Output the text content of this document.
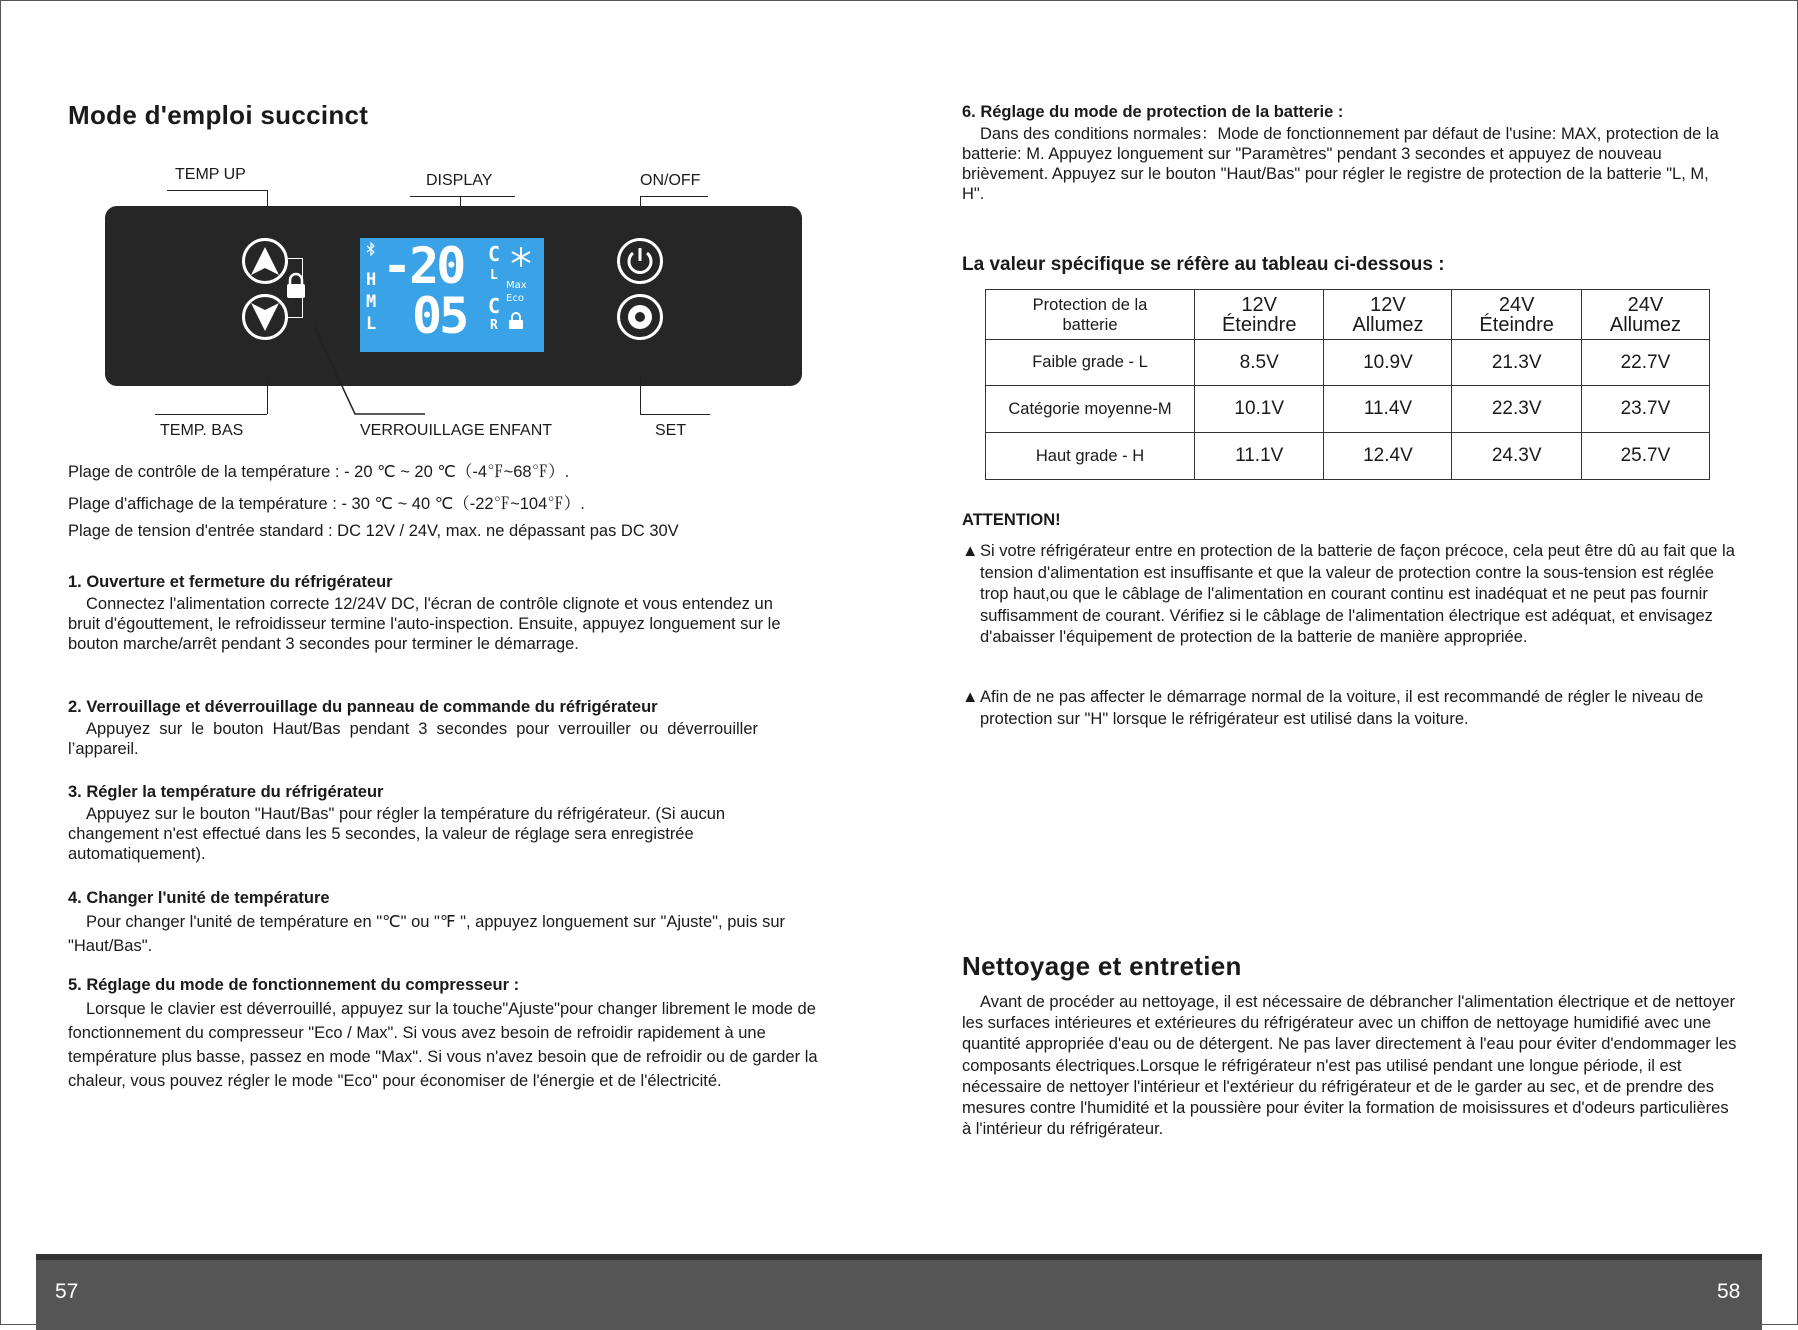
Mode d'emploi succinct
TEMP UP	DISPLAY	ON/OFF
H
M
L
-20
05
C
C
L
R
Max
Eco
TEMP. BAS	VERROUILLAGE ENFANT	SET
Plage de contrôle de la température : - 20 ℃ ~ 20 ℃（-4℉~68℉）.
Plage d'affichage de la température : - 30 ℃ ~ 40 ℃（-22℉~104℉）.
Plage de tension d'entrée standard : DC 12V / 24V, max. ne dépassant pas DC 30V
1. Ouverture et fermeture du réfrigérateur
Connectez l'alimentation correcte 12/24V DC, l'écran de contrôle clignote et vous entendez un bruit d'égouttement, le refroidisseur termine l'auto-inspection. Ensuite, appuyez longuement sur le bouton marche/arrêt pendant 3 secondes pour terminer le démarrage.
2. Verrouillage et déverrouillage du panneau de commande du réfrigérateur
Appuyez sur le bouton Haut/Bas pendant 3 secondes pour verrouiller ou déverrouiller l’appareil.
3. Régler la température du réfrigérateur
Appuyez sur le bouton "Haut/Bas" pour régler la température du réfrigérateur. (Si aucun changement n'est effectué dans les 5 secondes, la valeur de réglage sera enregistrée automatiquement).
4. Changer l'unité de température
Pour changer l'unité de température en "℃" ou "℉ ", appuyez longuement sur "Ajuste", puis sur "Haut/Bas".
5. Réglage du mode de fonctionnement du compresseur :
Lorsque le clavier est déverrouillé, appuyez sur la touche"Ajuste"pour changer librement le mode de fonctionnement du compresseur "Eco / Max". Si vous avez besoin de refroidir rapidement à une température plus basse, passez en mode "Max". Si vous n'avez besoin que de refroidir ou de garder la chaleur, vous pouvez régler le mode "Eco" pour économiser de l'énergie et de l'électricité.
6. Réglage du mode de protection de la batterie :
Dans des conditions normales：Mode de fonctionnement par défaut de l'usine: MAX, protection de la batterie: M. Appuyez longuement sur "Paramètres" pendant 3 secondes et appuyez de nouveau brièvement. Appuyez sur le bouton "Haut/Bas" pour régler le registre de protection de la batterie "L, M, H".
La valeur spécifique se réfère au tableau ci-dessous :
Protection de la batterie	12V Éteindre	12V Allumez	24V Éteindre	24V Allumez
Faible grade - L	8.5V	10.9V	21.3V	22.7V
Catégorie moyenne-M	10.1V	11.4V	22.3V	23.7V
Haut grade - H	11.1V	12.4V	24.3V	25.7V
ATTENTION!
▲ Si votre réfrigérateur entre en protection de la batterie de façon précoce, cela peut être dû au fait que la tension d'alimentation est insuffisante et que la valeur de protection contre la sous-tension est réglée trop haut,ou que le câblage de l'alimentation en courant continu est inadéquat et ne peut pas fournir suffisamment de courant. Vérifiez si le câblage de l'alimentation électrique est adéquat, et envisagez d'abaisser l'équipement de protection de la batterie de manière appropriée.
▲ Afin de ne pas affecter le démarrage normal de la voiture, il est recommandé de régler le niveau de protection sur "H" lorsque le réfrigérateur est utilisé dans la voiture.
Nettoyage et entretien
Avant de procéder au nettoyage, il est nécessaire de débrancher l'alimentation électrique et de nettoyer les surfaces intérieures et extérieures du réfrigérateur avec un chiffon de nettoyage humidifié avec une quantité appropriée d'eau ou de détergent. Ne pas laver directement à l'eau pour éviter d'endommager les composants électriques.Lorsque le réfrigérateur n'est pas utilisé pendant une longue période, il est nécessaire de nettoyer l'intérieur et l'extérieur du réfrigérateur et de le garder au sec, et de prendre des mesures contre l'humidité et la poussière pour éviter la formation de moisissures et d'odeurs particulières à l'intérieur du réfrigérateur.
57	58
